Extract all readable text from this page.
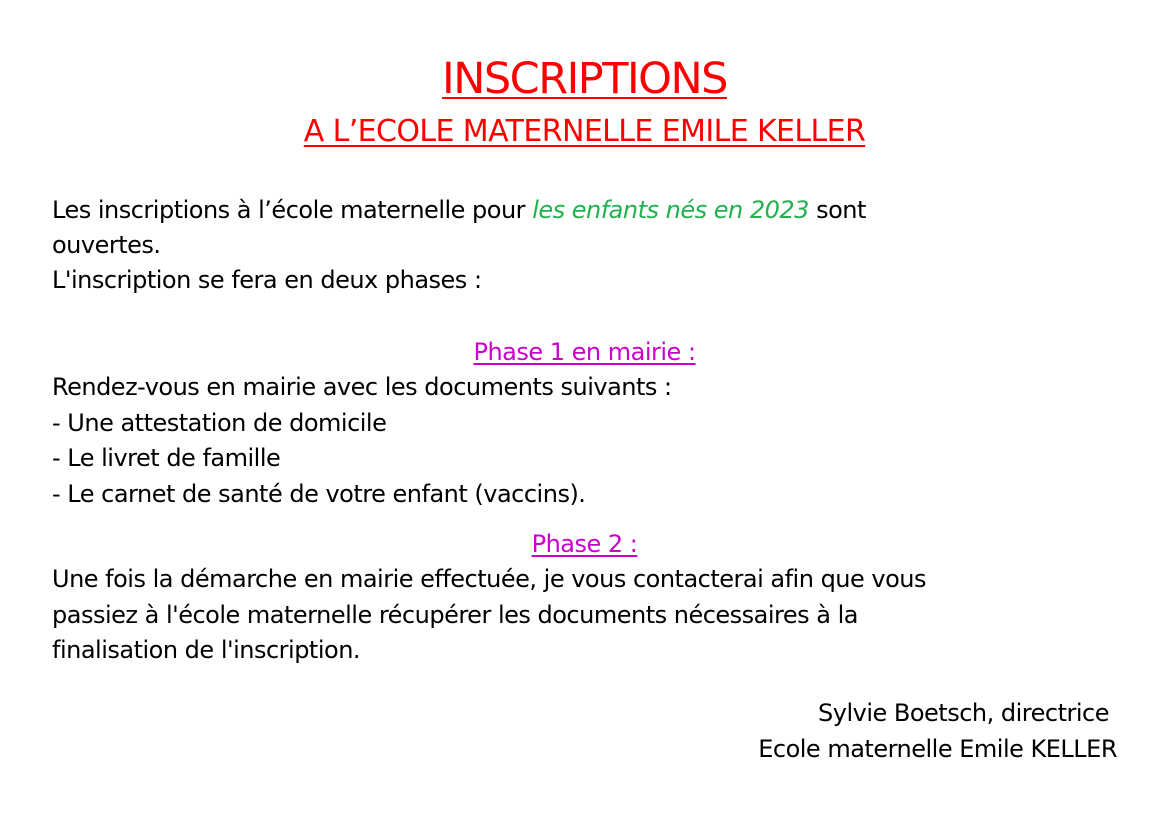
INSCRIPTIONS
A L’ECOLE MATERNELLE EMILE KELLER
Les inscriptions à l’école maternelle pour les enfants nés en 2023 sont
ouvertes.
L'inscription se fera en deux phases :
Phase 1 en mairie :
Rendez-vous en mairie avec les documents suivants :
- Une attestation de domicile
- Le livret de famille
- Le carnet de santé de votre enfant (vaccins).
Phase 2 :
Une fois la démarche en mairie effectuée, je vous contacterai afin que vous
passiez à l'école maternelle récupérer les documents nécessaires à la
finalisation de l'inscription.
Sylvie Boetsch, directrice
Ecole maternelle Emile KELLER
